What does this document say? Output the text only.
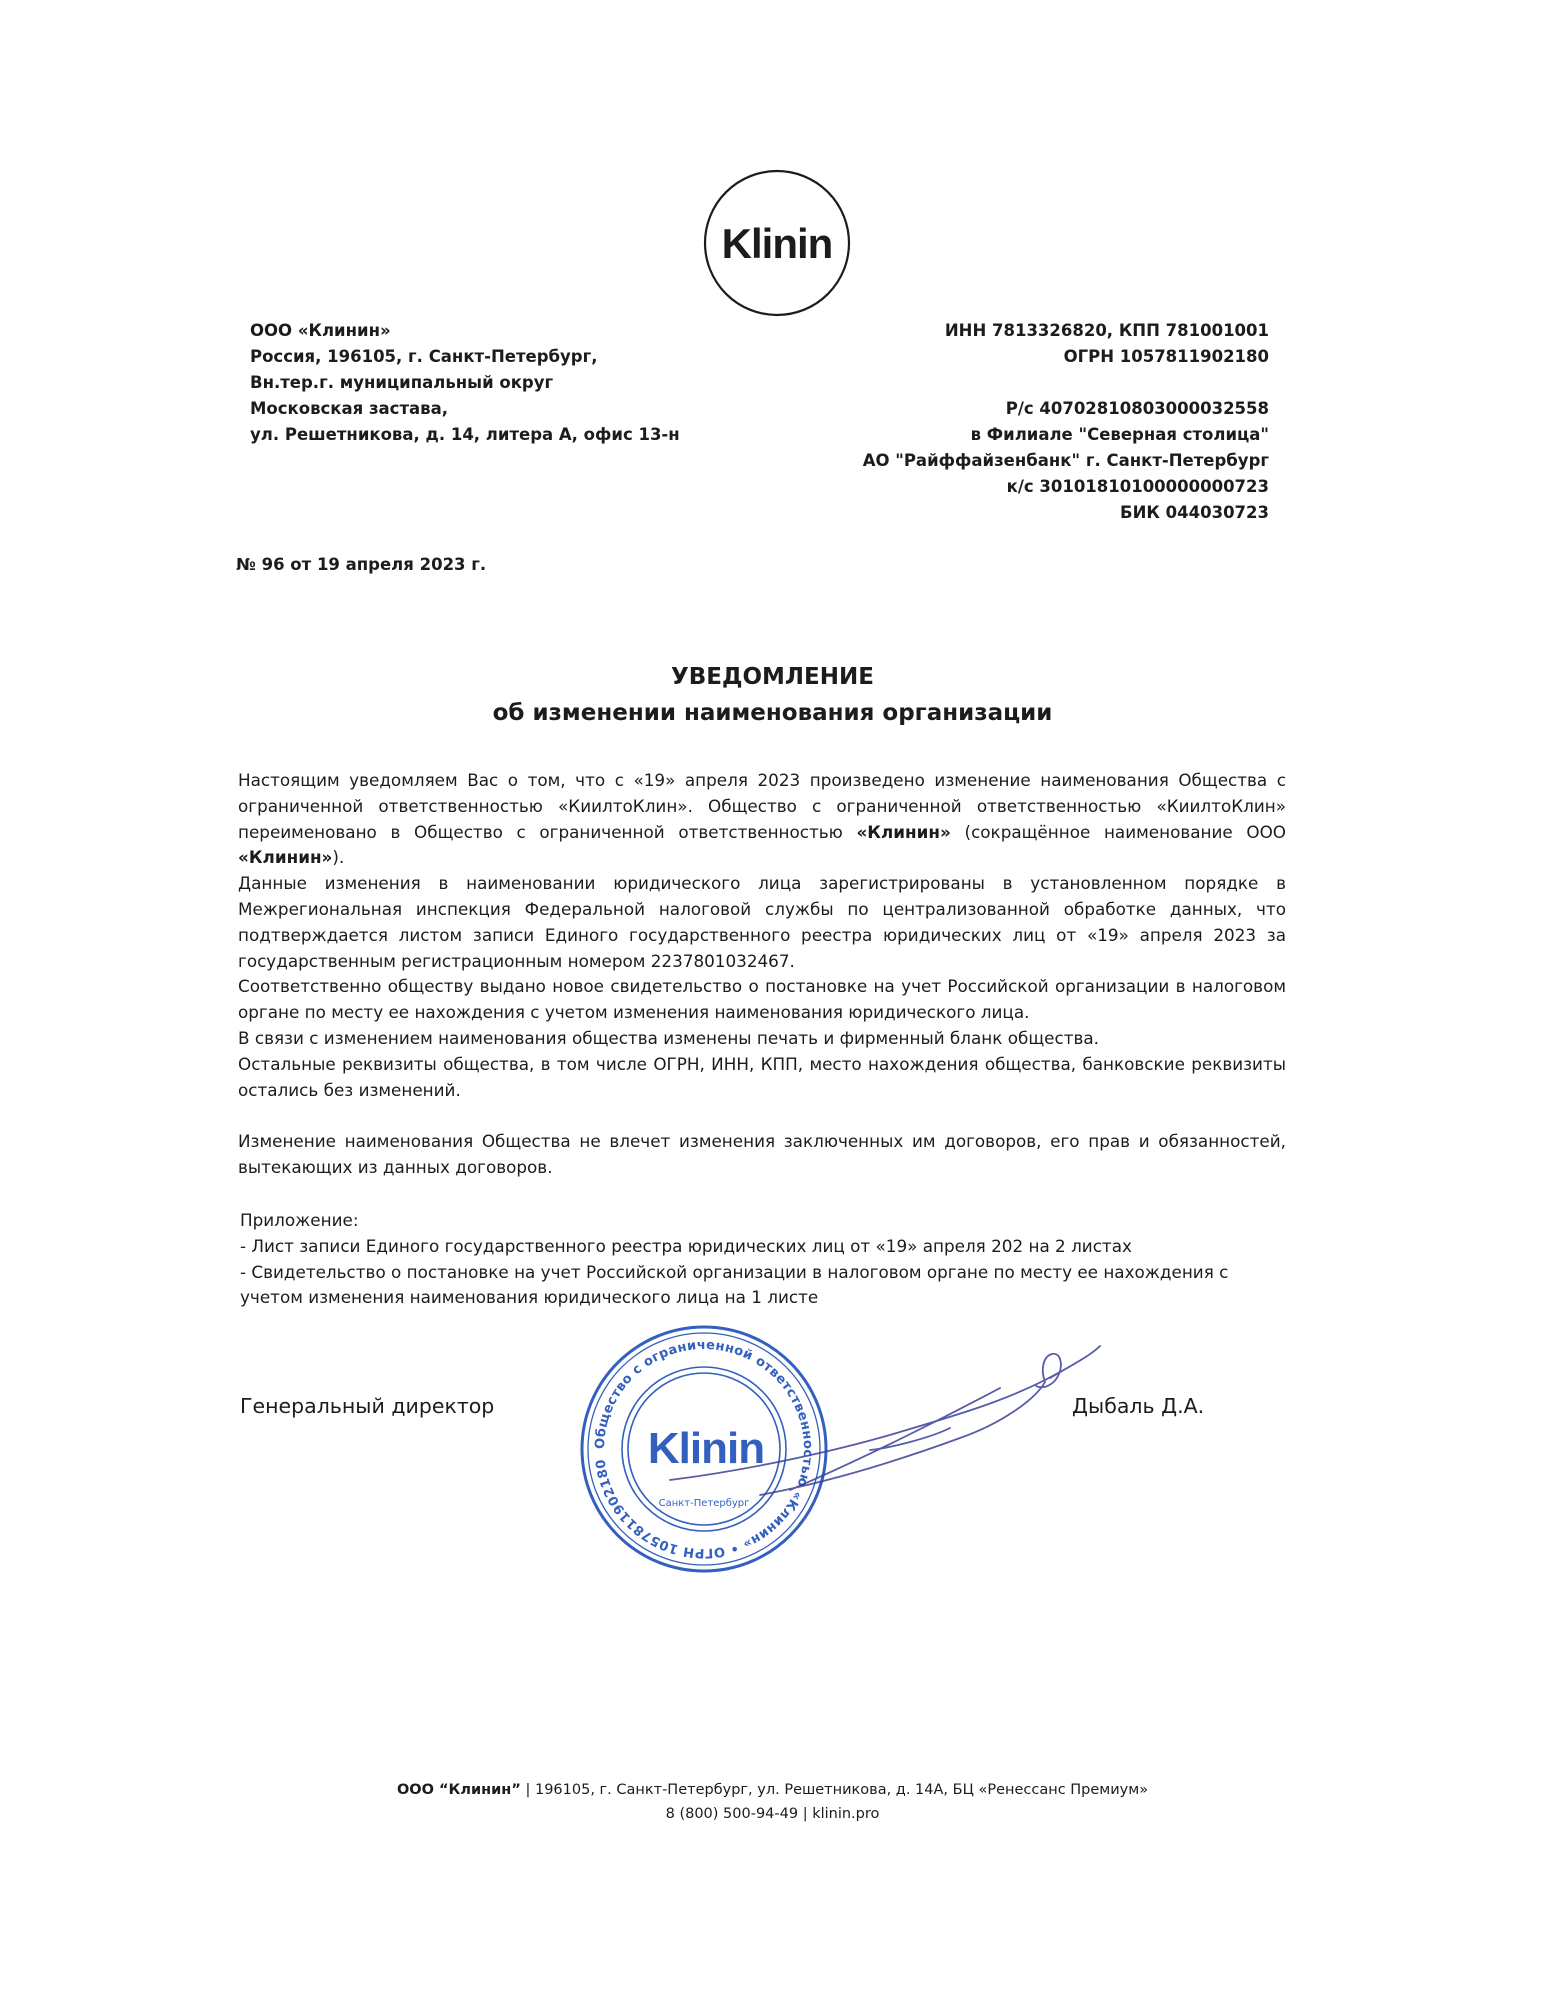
Klinin
ООО «Клинин»
Россия, 196105, г. Санкт-Петербург,
Вн.тер.г. муниципальный округ
Московская застава,
ул. Решетникова, д. 14, литера А, офис 13-н
ИНН 7813326820, КПП 781001001
ОГРН 1057811902180
Р/с 40702810803000032558
в Филиале "Северная столица"
АО "Райффайзенбанк" г. Санкт-Петербург
к/с 30101810100000000723
БИК 044030723
№ 96 от 19 апреля 2023 г.
УВЕДОМЛЕНИЕ
об изменении наименования организации

Настоящим уведомляем Вас о том, что с «19» апреля 2023 произведено изменение наименования Общества с ограниченной ответственностью «КиилтоКлин». Общество с ограниченной ответственностью «КиилтоКлин» переименовано в Общество с ограниченной ответственностью «Клинин» (сокращённое наименование ООО «Клинин»).

Данные изменения в наименовании юридического лица зарегистрированы в установленном порядке в Межрегиональная инспекция Федеральной налоговой службы по централизованной обработке данных, что подтверждается листом записи Единого государственного реестра юридических лиц от «19» апреля 2023 за государственным регистрационным номером 2237801032467.

Соответственно обществу выдано новое свидетельство о постановке на учет Российской организации в налоговом органе по месту ее нахождения с учетом изменения наименования юридического лица.

В связи с изменением наименования общества изменены печать и фирменный бланк общества.

Остальные реквизиты общества, в том числе ОГРН, ИНН, КПП, место нахождения общества, банковские реквизиты остались без изменений.

Изменение наименования Общества не влечет изменения заключенных им договоров, его прав и обязанностей, вытекающих из данных договоров.
Приложение:
- Лист записи Единого государственного реестра юридических лиц от «19» апреля 202 на 2 листах
- Свидетельство о постановке на учет Российской организации в налоговом органе по месту ее нахождения с
учетом изменения наименования юридического лица на 1 листе
Генеральный директор	Дыбаль Д.А.
Общество с ограниченной ответственностью «Клинин» • ОГРН 1057811902180 Klinin
Санкт-Петербург
ООО “Клинин” | 196105, г. Санкт-Петербург, ул. Решетникова, д. 14А, БЦ «Ренессанс Премиум»
8 (800) 500-94-49 | klinin.pro
